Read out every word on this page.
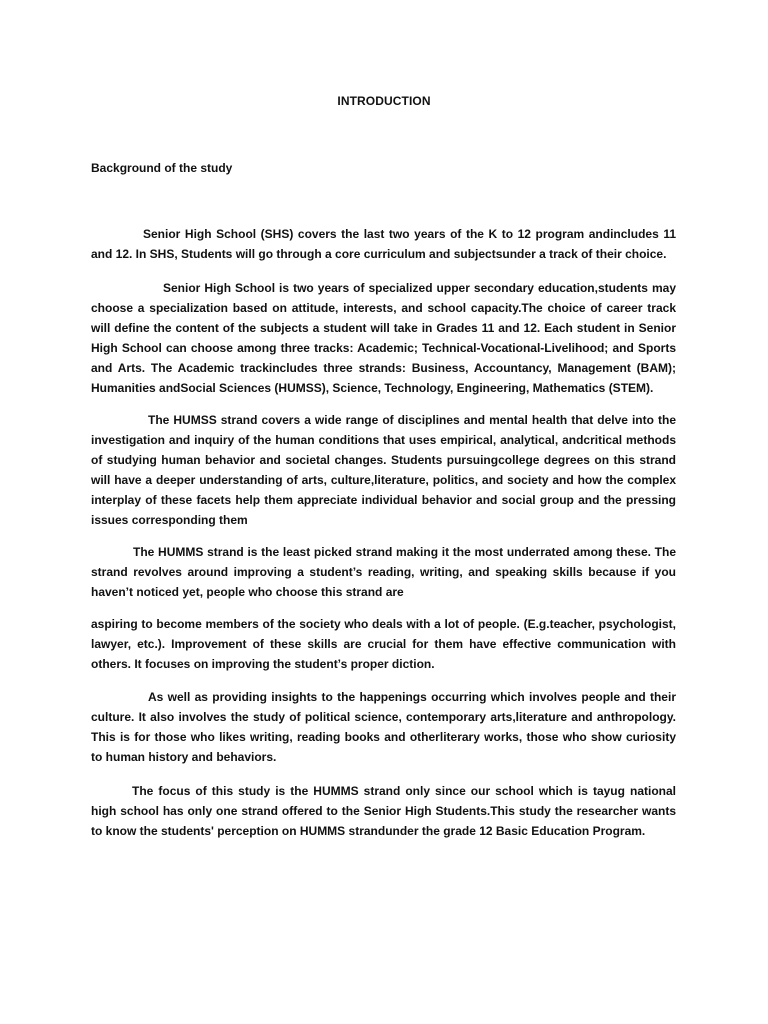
INTRODUCTION
Background of the study

Senior High School (SHS) covers the last two years of the K to 12 program andincludes 11 and 12. In SHS, Students will go through a core curriculum and subjectsunder a track of their choice.

Senior High School is two years of specialized upper secondary education,students may choose a specialization based on attitude, interests, and school capacity.The choice of career track will define the content of the subjects a student will take in Grades 11 and 12. Each student in Senior High School can choose among three tracks: Academic; Technical-Vocational-Livelihood; and Sports and Arts. The Academic trackincludes three strands: Business, Accountancy, Management (BAM); Humanities andSocial Sciences (HUMSS), Science, Technology, Engineering, Mathematics (STEM).

The HUMSS strand covers a wide range of disciplines and mental health that delve into the investigation and inquiry of the human conditions that uses empirical, analytical, andcritical methods of studying human behavior and societal changes. Students pursuingcollege degrees on this strand will have a deeper understanding of arts, culture,literature, politics, and society and how the complex interplay of these facets help them appreciate individual behavior and social group and the pressing issues corresponding them

The HUMMS strand is the least picked strand making it the most underrated among these. The strand revolves around improving a student’s reading, writing, and speaking skills because if you haven’t noticed yet, people who choose this strand are

aspiring to become members of the society who deals with a lot of people. (E.g.teacher, psychologist, lawyer, etc.). Improvement of these skills are crucial for them have effective communication with others. It focuses on improving the student’s proper diction.

As well as providing insights to the happenings occurring which involves people and their culture. It also involves the study of political science, contemporary arts,literature and anthropology. This is for those who likes writing, reading books and otherliterary works, those who show curiosity to human history and behaviors.

The focus of this study is the HUMMS strand only since our school which is tayug national high school has only one strand offered to the Senior High Students.This study the researcher wants to know the students' perception on HUMMS strandunder the grade 12 Basic Education Program.
